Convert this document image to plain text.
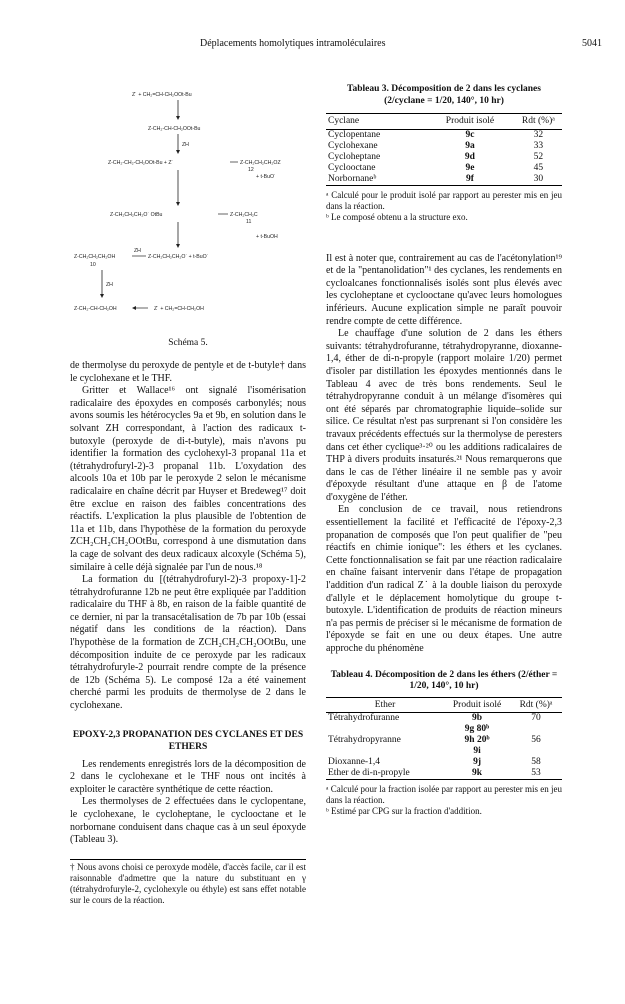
Déplacements homolytiques intramoléculaires	5041
Z˙ + CH₂=CH-CH₂OOt-Bu
Z-CH₂-CH-CH₂OOt-Bu
ZH
Z-CH₂-CH₂-CH₂OOt-Bu + Z˙	Z-CH₂CH₂CH₂OZ
12
+ t-BuO˙
Z-CH₂CH₂CH₂O˙ OtBu	Z-CH₂CH₂C
11
+ t-BuOH
Z-CH₂CH₂CH₂OH
ZH
Z-CH₂CH₂CH₂O˙ + t-BuO˙
10
ZH
Z-CH₂-CH-CH₂OH	Z˙ + CH₂=CH-CH₂OH
Schéma 5.

de thermolyse du peroxyde de pentyle et de t-butyle† dans le cyclohexane et le THF.

Gritter et Wallace¹⁶ ont signalé l'isomérisation radicalaire des époxydes en composés carbonylés; nous avons soumis les hétérocycles 9a et 9b, en solution dans le solvant ZH correspondant, à l'action des radicaux t-butoxyle (peroxyde de di-t-butyle), mais n'avons pu identifier la formation des cyclohexyl-3 propanal 11a et (tétrahydrofuryl-2)-3 propanal 11b. L'oxydation des alcools 10a et 10b par le peroxyde 2 selon le mécanisme radicalaire en chaîne décrit par Huyser et Bredeweg¹⁷ doit être exclue en raison des faibles concentrations des réactifs. L'explication la plus plausible de l'obtention de 11a et 11b, dans l'hypothèse de la formation du peroxyde ZCH₂CH₂CH₂OOtBu, correspond à une dismutation dans la cage de solvant des deux radicaux alcoxyle (Schéma 5), similaire à celle déjà signalée par l'un de nous.¹⁸

La formation du [(tétrahydrofuryl-2)-3 propoxy-1]-2 tétrahydrofuranne 12b ne peut être expliquée par l'addition radicalaire du THF à 8b, en raison de la faible quantité de ce dernier, ni par la transacétalisation de 7b par 10b (essai négatif dans les conditions de la réaction). Dans l'hypothèse de la formation de ZCH₂CH₂CH₂OOtBu, une décomposition induite de ce peroxyde par les radicaux tétrahydrofuryle-2 pourrait rendre compte de la présence de 12b (Schéma 5). Le composé 12a a été vainement cherché parmi les produits de thermolyse de 2 dans le cyclohexane.

EPOXY-2,3 PROPANATION DES CYCLANES ET DES ETHERS

Les rendements enregistrés lors de la décomposition de 2 dans le cyclohexane et le THF nous ont incités à exploiter le caractère synthétique de cette réaction.

Les thermolyses de 2 effectuées dans le cyclopentane, le cyclohexane, le cycloheptane, le cyclooctane et le norbornane conduisent dans chaque cas à un seul époxyde (Tableau 3).

† Nous avons choisi ce peroxyde modèle, d'accès facile, car il est raisonnable d'admettre que la nature du substituant en γ (tétrahydrofuryle-2, cyclohexyle ou éthyle) est sans effet notable sur le cours de la réaction.
Tableau 3. Décomposition de 2 dans les cyclanes (2/cyclane = 1/20, 140°, 10 hr)
Cyclane	Produit isolé	Rdt (%)ᵃ
Cyclopentane	9c	32
Cyclohexane	9a	33
Cycloheptane	9d	52
Cyclooctane	9e	45
Norbornaneᵇ	9f	30
ᵃ Calculé pour le produit isolé par rapport au perester mis en jeu dans la réaction.
ᵇ Le composé obtenu a la structure exo.

Il est à noter que, contrairement au cas de l'acétonylation¹⁹ et de la "pentanolidation"¹ des cyclanes, les rendements en cycloalcanes fonctionnalisés isolés sont plus élevés avec les cycloheptane et cyclooctane qu'avec leurs homologues inférieurs. Aucune explication simple ne paraît pouvoir rendre compte de cette différence.

Le chauffage d'une solution de 2 dans les éthers suivants: tétrahydrofuranne, tétrahydropyranne, dioxanne-1,4, éther de di-n-propyle (rapport molaire 1/20) permet d'isoler par distillation les époxydes mentionnés dans le Tableau 4 avec de très bons rendements. Seul le tétrahydropyranne conduit à un mélange d'isomères qui ont été séparés par chromatographie liquide–solide sur silice. Ce résultat n'est pas surprenant si l'on considère les travaux précédents effectués sur la thermolyse de peresters dans cet éther cyclique³·²⁰ ou les additions radicalaires de THP à divers produits insaturés.²¹ Nous remarquerons que dans le cas de l'éther linéaire il ne semble pas y avoir d'époxyde résultant d'une attaque en β de l'atome d'oxygène de l'éther.

En conclusion de ce travail, nous retiendrons essentiellement la facilité et l'efficacité de l'époxy-2,3 propanation de composés que l'on peut qualifier de "peu réactifs en chimie ionique": les éthers et les cyclanes. Cette fonctionnalisation se fait par une réaction radicalaire en chaîne faisant intervenir dans l'étape de propagation l'addition d'un radical Z˙ à la double liaison du peroxyde d'allyle et le déplacement homolytique du groupe t-butoxyle. L'identification de produits de réaction mineurs n'a pas permis de préciser si le mécanisme de formation de l'époxyde se fait en une ou deux étapes. Une autre approche du phénomène

Tableau 4. Décomposition de 2 dans les éthers (2/éther = 1/20, 140°, 10 hr)
Ether	Produit isolé	Rdt (%)ᵃ
Tétrahydrofuranne	9b	70
	9g 80ᵇ	
Tétrahydropyranne	9h 20ᵇ	56
	9i	
Dioxanne-1,4	9j	58
Ether de di-n-propyle	9k	53
ᵃ Calculé pour la fraction isolée par rapport au perester mis en jeu dans la réaction.
ᵇ Estimé par CPG sur la fraction d'addition.
